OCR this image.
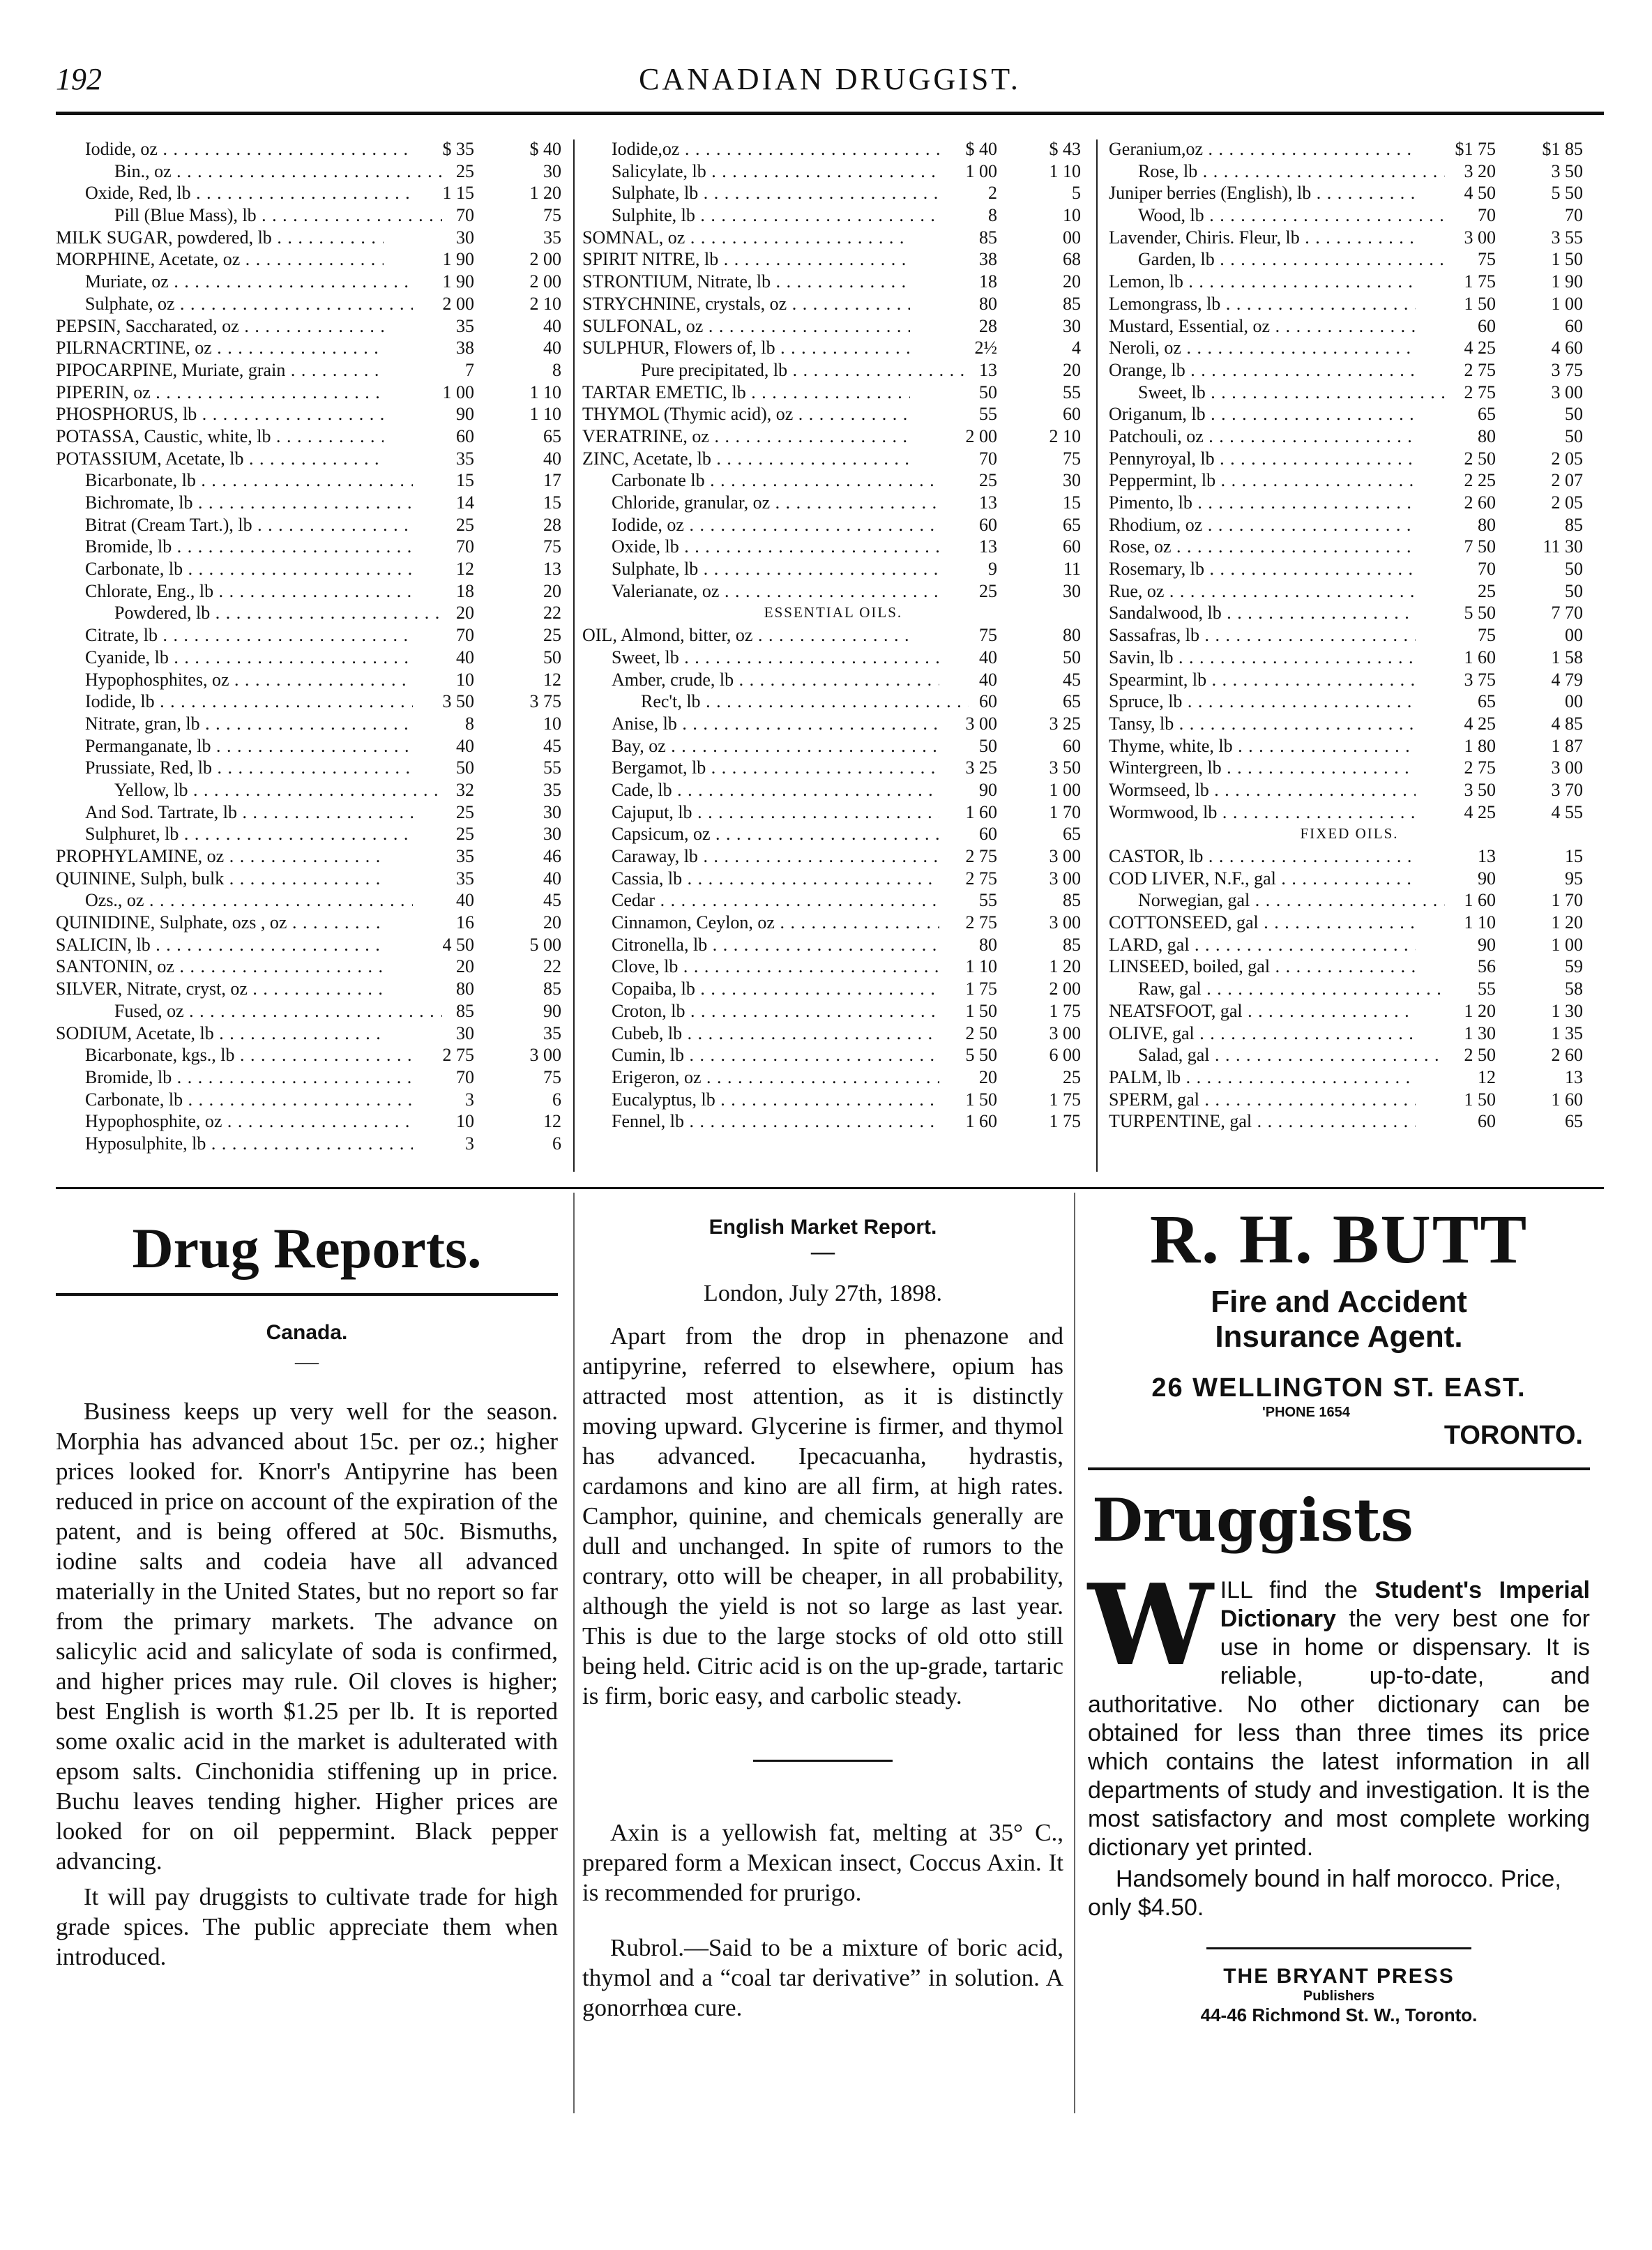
192	CANADIAN DRUGGIST.
Iodide, oz . . .	$ 35	$ 40
Bin., oz . . .	25	30
Oxide, Red, lb . . .	1 15	1 20
Pill (Blue Mass), lb . . .	70	75
MILK SUGAR, powdered, lb . . .	30	35
MORPHINE, Acetate, oz . . .	1 90	2 00
Muriate, oz . . .	1 90	2 00
Sulphate, oz . . .	2 00	2 10
PEPSIN, Saccharated, oz . . .	35	40
PILRNACRTINE, oz . . .	38	40
PIPOCARPINE, Muriate, grain . . .	7	8
PIPERIN, oz . . .	1 00	1 10
PHOSPHORUS, lb . . .	90	1 10
POTASSA, Caustic, white, lb . . .	60	65
POTASSIUM, Acetate, lb . . .	35	40
Bicarbonate, lb . . .	15	17
Bichromate, lb . . .	14	15
Bitrat (Cream Tart.), lb . . .	25	28
Bromide, lb . . .	70	75
Carbonate, lb . . .	12	13
Chlorate, Eng., lb . . .	18	20
Powdered, lb . . .	20	22
Citrate, lb . . .	70	25
Cyanide, lb . . .	40	50
Hypophosphites, oz . . .	10	12
Iodide, lb . . .	3 50	3 75
Nitrate, gran, lb . . .	8	10
Permanganate, lb . . .	40	45
Prussiate, Red, lb . . .	50	55
Yellow, lb . . .	32	35
And Sod. Tartrate, lb . . .	25	30
Sulphuret, lb . . .	25	30
PROPHYLAMINE, oz . . .	35	46
QUININE, Sulph, bulk . . .	35	40
Ozs., oz . . .	40	45
QUINIDINE, Sulphate, ozs , oz . . .	16	20
SALICIN, lb . . .	4 50	5 00
SANTONIN, oz . . .	20	22
SILVER, Nitrate, cryst, oz . . .	80	85
Fused, oz . . .	85	90
SODIUM, Acetate, lb . . .	30	35
Bicarbonate, kgs., lb . . .	2 75	3 00
Bromide, lb . . .	70	75
Carbonate, lb . . .	3	6
Hypophosphite, oz . . .	10	12
Hyposulphite, lb . . .	3	6
Iodide,oz . . .	$ 40	$ 43
Salicylate, lb . . .	1 00	1 10
Sulphate, lb . . .	2	5
Sulphite, lb . . .	8	10
SOMNAL, oz . . .	85	00
SPIRIT NITRE, lb . . .	38	68
STRONTIUM, Nitrate, lb . . .	18	20
STRYCHNINE, crystals, oz . . .	80	85
SULFONAL, oz . . .	28	30
SULPHUR, Flowers of, lb . . .	2½	4
Pure precipitated, lb . . .	13	20
TARTAR EMETIC, lb . . .	50	55
THYMOL (Thymic acid), oz . . .	55	60
VERATRINE, oz . . .	2 00	2 10
ZINC, Acetate, lb . . .	70	75
Carbonate lb . . .	25	30
Chloride, granular, oz . . .	13	15
Iodide, oz . . .	60	65
Oxide, lb . . .	13	60
Sulphate, lb . . .	9	11
Valerianate, oz . . .	25	30
ESSENTIAL OILS.
OIL, Almond, bitter, oz . . .	75	80
Sweet, lb . . .	40	50
Amber, crude, lb . . .	40	45
Rec't, lb . . .	60	65
Anise, lb . . .	3 00	3 25
Bay, oz . . .	50	60
Bergamot, lb . . .	3 25	3 50
Cade, lb . . .	90	1 00
Cajuput, lb . . .	1 60	1 70
Capsicum, oz . . .	60	65
Caraway, lb . . .	2 75	3 00
Cassia, lb . . .	2 75	3 00
Cedar . . .	55	85
Cinnamon, Ceylon, oz . . .	2 75	3 00
Citronella, lb . . .	80	85
Clove, lb . . .	1 10	1 20
Copaiba, lb . . .	1 75	2 00
Croton, lb . . .	1 50	1 75
Cubeb, lb . . .	2 50	3 00
Cumin, lb . . .	5 50	6 00
Erigeron, oz . . .	20	25
Eucalyptus, lb . . .	1 50	1 75
Fennel, lb . . .	1 60	1 75
Geranium,oz . . .	$1 75	$1 85
Rose, lb . . .	3 20	3 50
Juniper berries (English), lb . . .	4 50	5 50
Wood, lb . . .	70	70
Lavender, Chiris. Fleur, lb . . .	3 00	3 55
Garden, lb . . .	75	1 50
Lemon, lb . . .	1 75	1 90
Lemongrass, lb . . .	1 50	1 00
Mustard, Essential, oz . . .	60	60
Neroli, oz . . .	4 25	4 60
Orange, lb . . .	2 75	3 75
Sweet, lb . . .	2 75	3 00
Origanum, lb . . .	65	50
Patchouli, oz . . .	80	50
Pennyroyal, lb . . .	2 50	2 05
Peppermint, lb . . .	2 25	2 07
Pimento, lb . . .	2 60	2 05
Rhodium, oz . . .	80	85
Rose, oz . . .	7 50	11 30
Rosemary, lb . . .	70	50
Rue, oz . . .	25	50
Sandalwood, lb . . .	5 50	7 70
Sassafras, lb . . .	75	00
Savin, lb . . .	1 60	1 58
Spearmint, lb . . .	3 75	4 79
Spruce, lb . . .	65	00
Tansy, lb . . .	4 25	4 85
Thyme, white, lb . . .	1 80	1 87
Wintergreen, lb . . .	2 75	3 00
Wormseed, lb . . .	3 50	3 70
Wormwood, lb . . .	4 25	4 55
FIXED OILS.
CASTOR, lb . . .	13	15
COD LIVER, N.F., gal . . .	90	95
Norwegian, gal . . .	1 60	1 70
COTTONSEED, gal . . .	1 10	1 20
LARD, gal . . .	90	1 00
LINSEED, boiled, gal . . .	56	59
Raw, gal . . .	55	58
NEATSFOOT, gal . . .	1 20	1 30
OLIVE, gal . . .	1 30	1 35
Salad, gal . . .	2 50	2 60
PALM, lb . . .	12	13
SPERM, gal . . .	1 50	1 60
TURPENTINE, gal . . .	60	65
Drug Reports.
Canada.
—

Business keeps up very well for the season. Morphia has advanced about 15c. per oz.; higher prices looked for. Knorr's Antipyrine has been reduced in price on account of the expiration of the patent, and is being offered at 50c. Bismuths, iodine salts and codeia have all advanced materially in the United States, but no report so far from the primary markets. The advance on salicylic acid and salicylate of soda is confirmed, and higher prices may rule. Oil cloves is higher; best English is worth $1.25 per lb. It is reported some oxalic acid in the market is adulterated with epsom salts. Cinchonidia stiffening up in price. Buchu leaves tending higher. Higher prices are looked for on oil peppermint. Black pepper advancing.

It will pay druggists to cultivate trade for high grade spices. The public appreciate them when introduced.

English Market Report.
—
London, July 27th, 1898.

Apart from the drop in phenazone and antipyrine, referred to elsewhere, opium has attracted most attention, as it is distinctly moving upward. Glycerine is firmer, and thymol has advanced. Ipecacuanha, hydrastis, cardamons and kino are all firm, at high rates. Camphor, quinine, and chemicals generally are dull and unchanged. In spite of rumors to the contrary, otto will be cheaper, in all probability, although the yield is not so large as last year. This is due to the large stocks of old otto still being held. Citric acid is on the up-grade, tartaric is firm, boric easy, and carbolic steady.

Axin is a yellowish fat, melting at 35° C., prepared form a Mexican insect, Coccus Axin. It is recommended for prurigo.

Rubrol.—Said to be a mixture of boric acid, thymol and a “coal tar derivative” in solution. A gonorrhœa cure.

R. H. BUTT
Fire and Accident
Insurance Agent.
26 WELLINGTON ST. EAST.
'PHONE 1654
TORONTO.
Druggists
W ILL find the Student's Imperial Dictionary the very best one for use in home or dispensary. It is reliable, up-to-date, and authoritative. No other dictionary can be obtained for less than three times its price which contains the latest information in all departments of study and investigation. It is the most satisfactory and most complete working dictionary yet printed.

Handsomely bound in half morocco. Price, only $4.50.

THE BRYANT PRESS
Publishers
44-46 Richmond St. W., Toronto.
